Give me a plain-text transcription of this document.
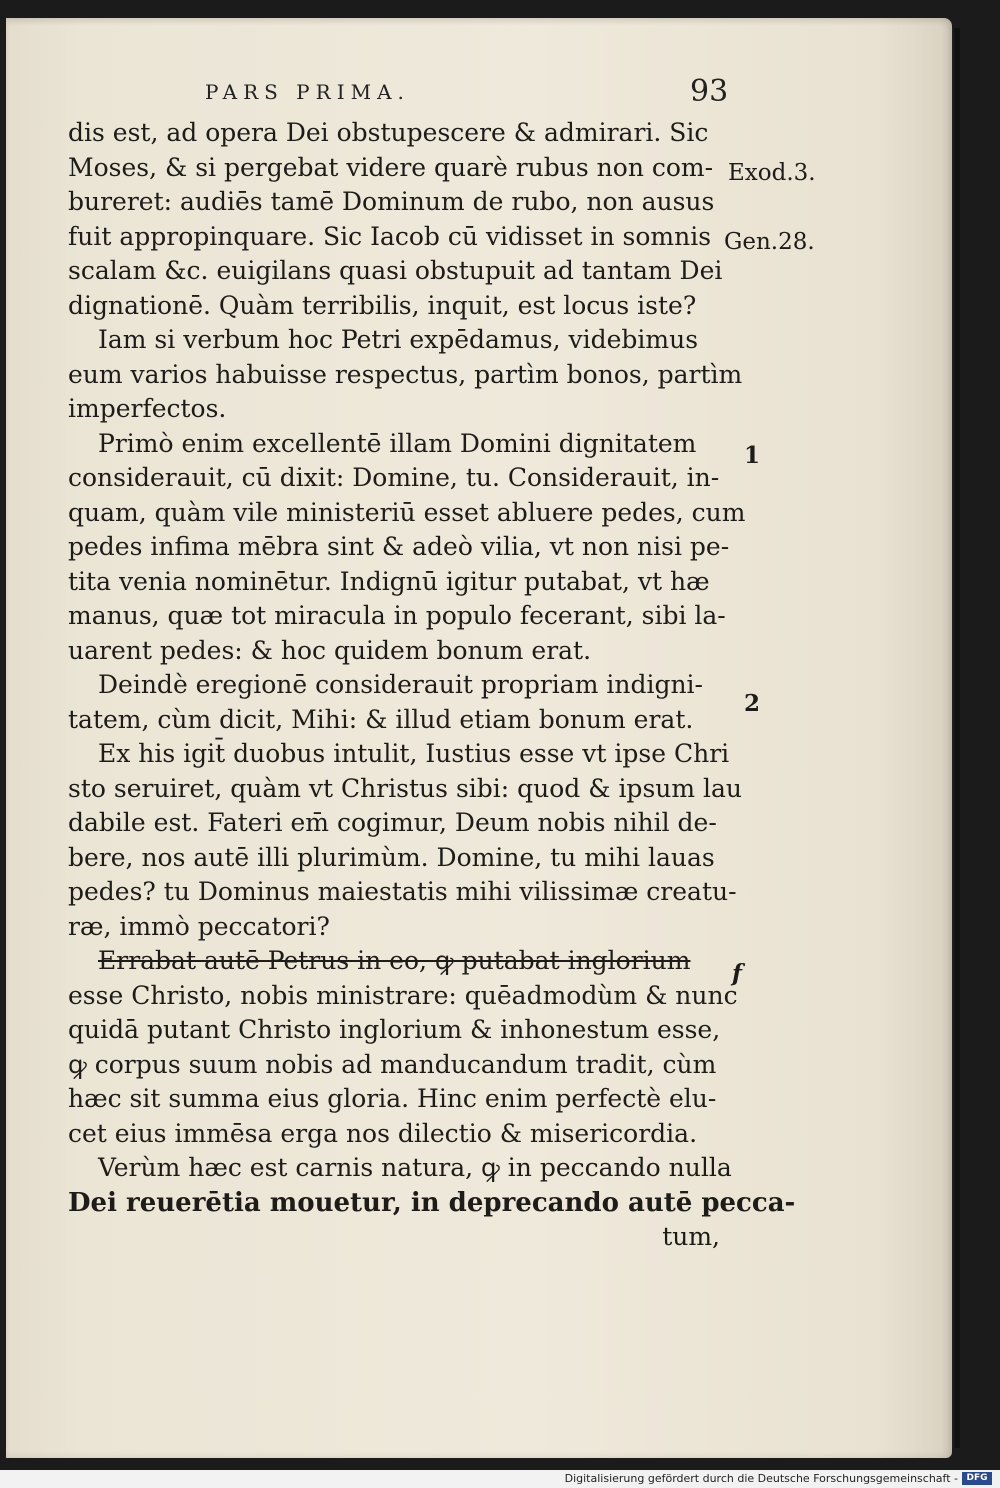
PARS PRIMA.	93
dis est, ad opera Dei obstupescere & admirari. Sic
Moses, & si pergebat videre quarè rubus non com-
bureret: audiēs tamē Dominum de rubo, non ausus
fuit appropinquare. Sic Iacob cū vidisset in somnis
scalam &c. euigilans quasi obstupuit ad tantam Dei
dignationē. Quàm terribilis, inquit, est locus iste?
Iam si verbum hoc Petri expēdamus, videbimus
eum varios habuisse respectus, partìm bonos, partìm
imperfectos.
Primò enim excellentē illam Domini dignitatem
considerauit, cū dixit: Domine, tu. Considerauit, in-
quam, quàm vile ministeriū esset abluere pedes, cum
pedes infima mēbra sint & adeò vilia, vt non nisi pe-
tita venia nominētur. Indignū igitur putabat, vt hæ
manus, quæ tot miracula in populo fecerant, sibi la-
uarent pedes: & hoc quidem bonum erat.
Deindè eregionē considerauit propriam indigni-
tatem, cùm dicit, Mihi: & illud etiam bonum erat.
Ex his igit̄ duobus intulit, Iustius esse vt ipse Chri
sto seruiret, quàm vt Christus sibi: quod & ipsum lau
dabile est. Fateri em̄ cogimur, Deum nobis nihil de-
bere, nos autē illi plurimùm. Domine, tu mihi lauas
pedes? tu Dominus maiestatis mihi vilissimæ creatu-
ræ, immò peccatori?
Errabat autē Petrus in eo, ꝙ putabat inglorium
esse Christo, nobis ministrare: quēadmodùm & nunc
quidā putant Christo inglorium & inhonestum esse,
ꝙ corpus suum nobis ad manducandum tradit, cùm
hæc sit summa eius gloria. Hinc enim perfectè elu-
cet eius immēsa erga nos dilectio & misericordia.
Verùm hæc est carnis natura, ꝙ in peccando nulla
Dei reuerētia mouetur, in deprecando autē pecca-
tum,
Exod.3.
Gen.28.
1
2
f
Digitalisierung gefördert durch die Deutsche Forschungsgemeinschaft - DFG
